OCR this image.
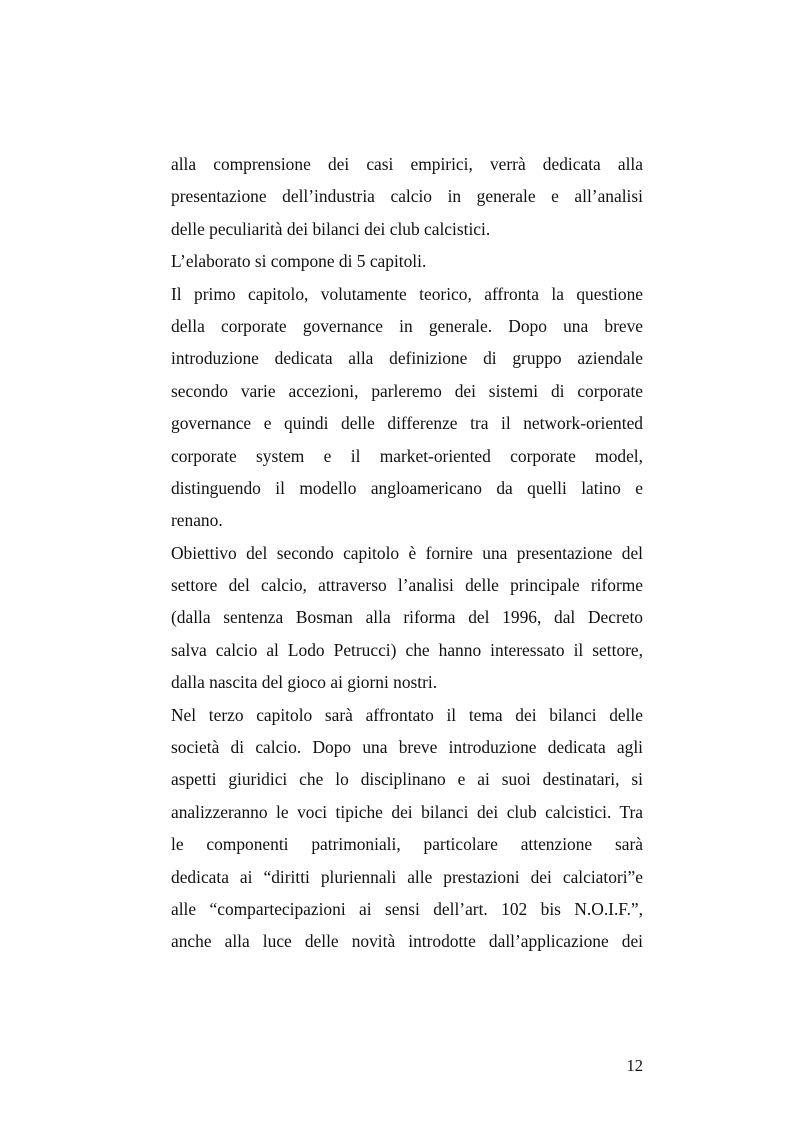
alla comprensione dei casi empirici, verrà dedicata alla
presentazione dell’industria calcio in generale e all’analisi
delle peculiarità dei bilanci dei club calcistici.
L’elaborato si compone di 5 capitoli.
Il primo capitolo, volutamente teorico, affronta la questione
della corporate governance in generale. Dopo una breve
introduzione dedicata alla definizione di gruppo aziendale
secondo varie accezioni, parleremo dei sistemi di corporate
governance e quindi delle differenze tra il network-oriented
corporate system e il market-oriented corporate model,
distinguendo il modello angloamericano da quelli latino e
renano.
Obiettivo del secondo capitolo è fornire una presentazione del
settore del calcio, attraverso l’analisi delle principale riforme
(dalla sentenza Bosman alla riforma del 1996, dal Decreto
salva calcio al Lodo Petrucci) che hanno interessato il settore,
dalla nascita del gioco ai giorni nostri.
Nel terzo capitolo sarà affrontato il tema dei bilanci delle
società di calcio. Dopo una breve introduzione dedicata agli
aspetti giuridici che lo disciplinano e ai suoi destinatari, si
analizzeranno le voci tipiche dei bilanci dei club calcistici. Tra
le componenti patrimoniali, particolare attenzione sarà
dedicata ai “diritti pluriennali alle prestazioni dei calciatori”e
alle “compartecipazioni ai sensi dell’art. 102 bis N.O.I.F.”,
anche alla luce delle novità introdotte dall’applicazione dei
12
